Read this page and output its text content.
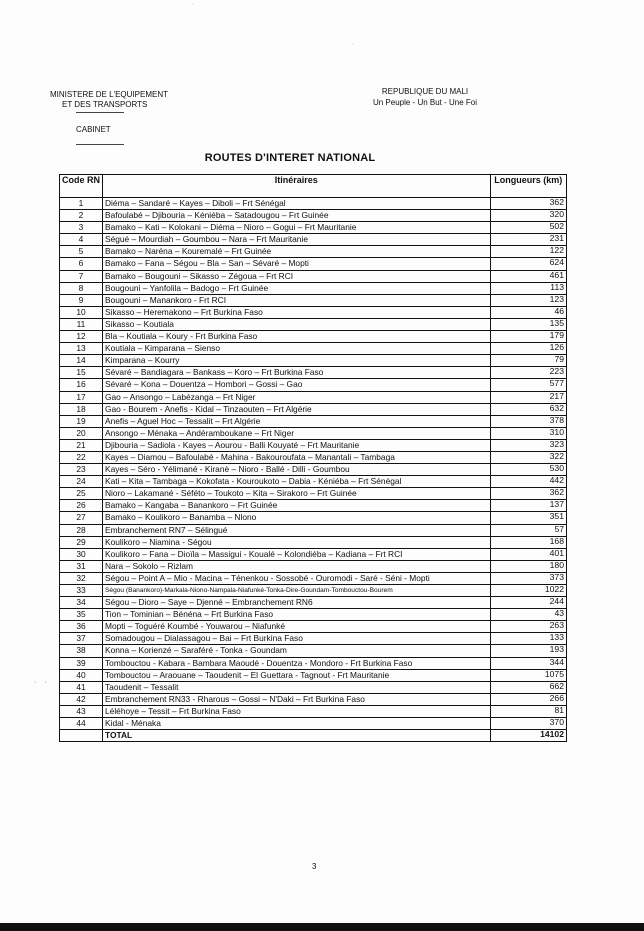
·
·
MINISTERE DE L'EQUIPEMENT
ET DES TRANSPORTS
CABINET
REPUBLIQUE DU MALI
Un Peuple - Un But - Une Foi
ROUTES D'INTERET NATIONAL
Code RN	Itinéraires	Longueurs (km)
1	Diéma – Sandaré – Kayes – Diboli – Frt Sénégal	362
2	Bafoulabé – Djibouria – Kéniéba – Satadougou – Frt Guinée	320
3	Bamako – Kati – Kolokani – Diéma – Nioro – Gogui – Frt Mauritanie	502
4	Ségué – Mourdiah – Goumbou – Nara – Frt Mauritanie	231
5	Bamako – Naréna – Kouremalé – Frt Guinée	122
6	Bamako – Fana – Ségou – Bla – San – Sévaré – Mopti	624
7	Bamako – Bougouni – Sikasso – Zégoua – Frt RCI	461
8	Bougouni – Yanfolila – Badogo – Frt Guinée	113
9	Bougouni – Manankoro - Frt RCI	123
10	Sikasso – Heremakono – Frt Burkina Faso	46
11	Sikasso – Koutiala	135
12	Bla – Koutiala – Koury - Frt Burkina Faso	179
13	Koutiala – Kimparana – Sienso	126
14	Kimparana – Kourry	79
15	Sévaré – Bandiagara – Bankass – Koro – Frt Burkina Faso	223
16	Sévaré – Kona – Douentza – Hombori – Gossi – Gao	577
17	Gao – Ansongo – Labézanga – Frt Niger	217
18	Gao - Bourem - Anefis - Kidal – Tinzaouten – Frt Algérie	632
19	Anefis – Aguel Hoc – Tessalit – Frt Algérie	378
20	Ansongo – Ménaka – Andéramboukane – Frt Niger	310
21	Djibouria – Sadiola - Kayes – Aourou - Balli Kouyaté – Frt Mauritanie	323
22	Kayes – Diamou – Bafoulabé - Mahina - Bakouroufata – Manantali – Tambaga	322
23	Kayes – Séro - Yélimané - Kiranè – Nioro - Ballé - Dilli - Goumbou	530
24	Kati – Kita – Tambaga – Kokofata - Kouroukoto – Dabia - Kéniéba – Frt Sénégal	442
25	Nioro – Lakamané - Séféto – Toukoto – Kita – Sirakoro – Frt Guinée	362
26	Bamako – Kangaba – Banankoro – Frt Guinée	137
27	Bamako – Koulikoro – Banamba – Nlono	351
28	Embranchement RN7 – Sélingué	57
29	Koulikoro – Niamina - Ségou	168
30	Koulikoro – Fana – Dioïla – Massigui - Koualé – Kolondiéba – Kadiana – Frt RCI	401
31	Nara – Sokolo – Rizlam	180
32	Ségou – Point A – Mio - Macina – Ténenkou - Sossobé - Ouromodi - Saré - Séni - Mopti	373
33	Ségou (Banankoro)-Markala-Niono-Nampala-Niafunké-Tonka-Dire-Goundam-Tombouctou-Bourem	1022
34	Ségou – Dioro – Saye – Djenné – Embranchement RN6	244
35	Tion – Tominian – Bénéna – Frt Burkina Faso	43
36	Mopti – Toguéré Koumbé - Youwarou – Niafunké	263
37	Somadougou – Dialassagou – Bai – Frt Burkina Faso	133
38	Konna – Korienzé – Saraféré - Tonka - Goundam	193
39	Tombouctou - Kabara - Bambara Maoudé - Douentza - Mondoro - Frt Burkina Faso	344
40	Tombouctou – Araouane – Taoudenit – El Guettara - Tagnout - Frt Mauritanie	1075
41	Taoudenit – Tessalit	662
42	Embranchement RN33 - Rharous – Gossi – N'Daki – Frt Burkina Faso	266
43	Léléhoye – Tessit – Frt Burkina Faso	81
44	Kidal - Ménaka	370
	TOTAL	14102
· ·
3
